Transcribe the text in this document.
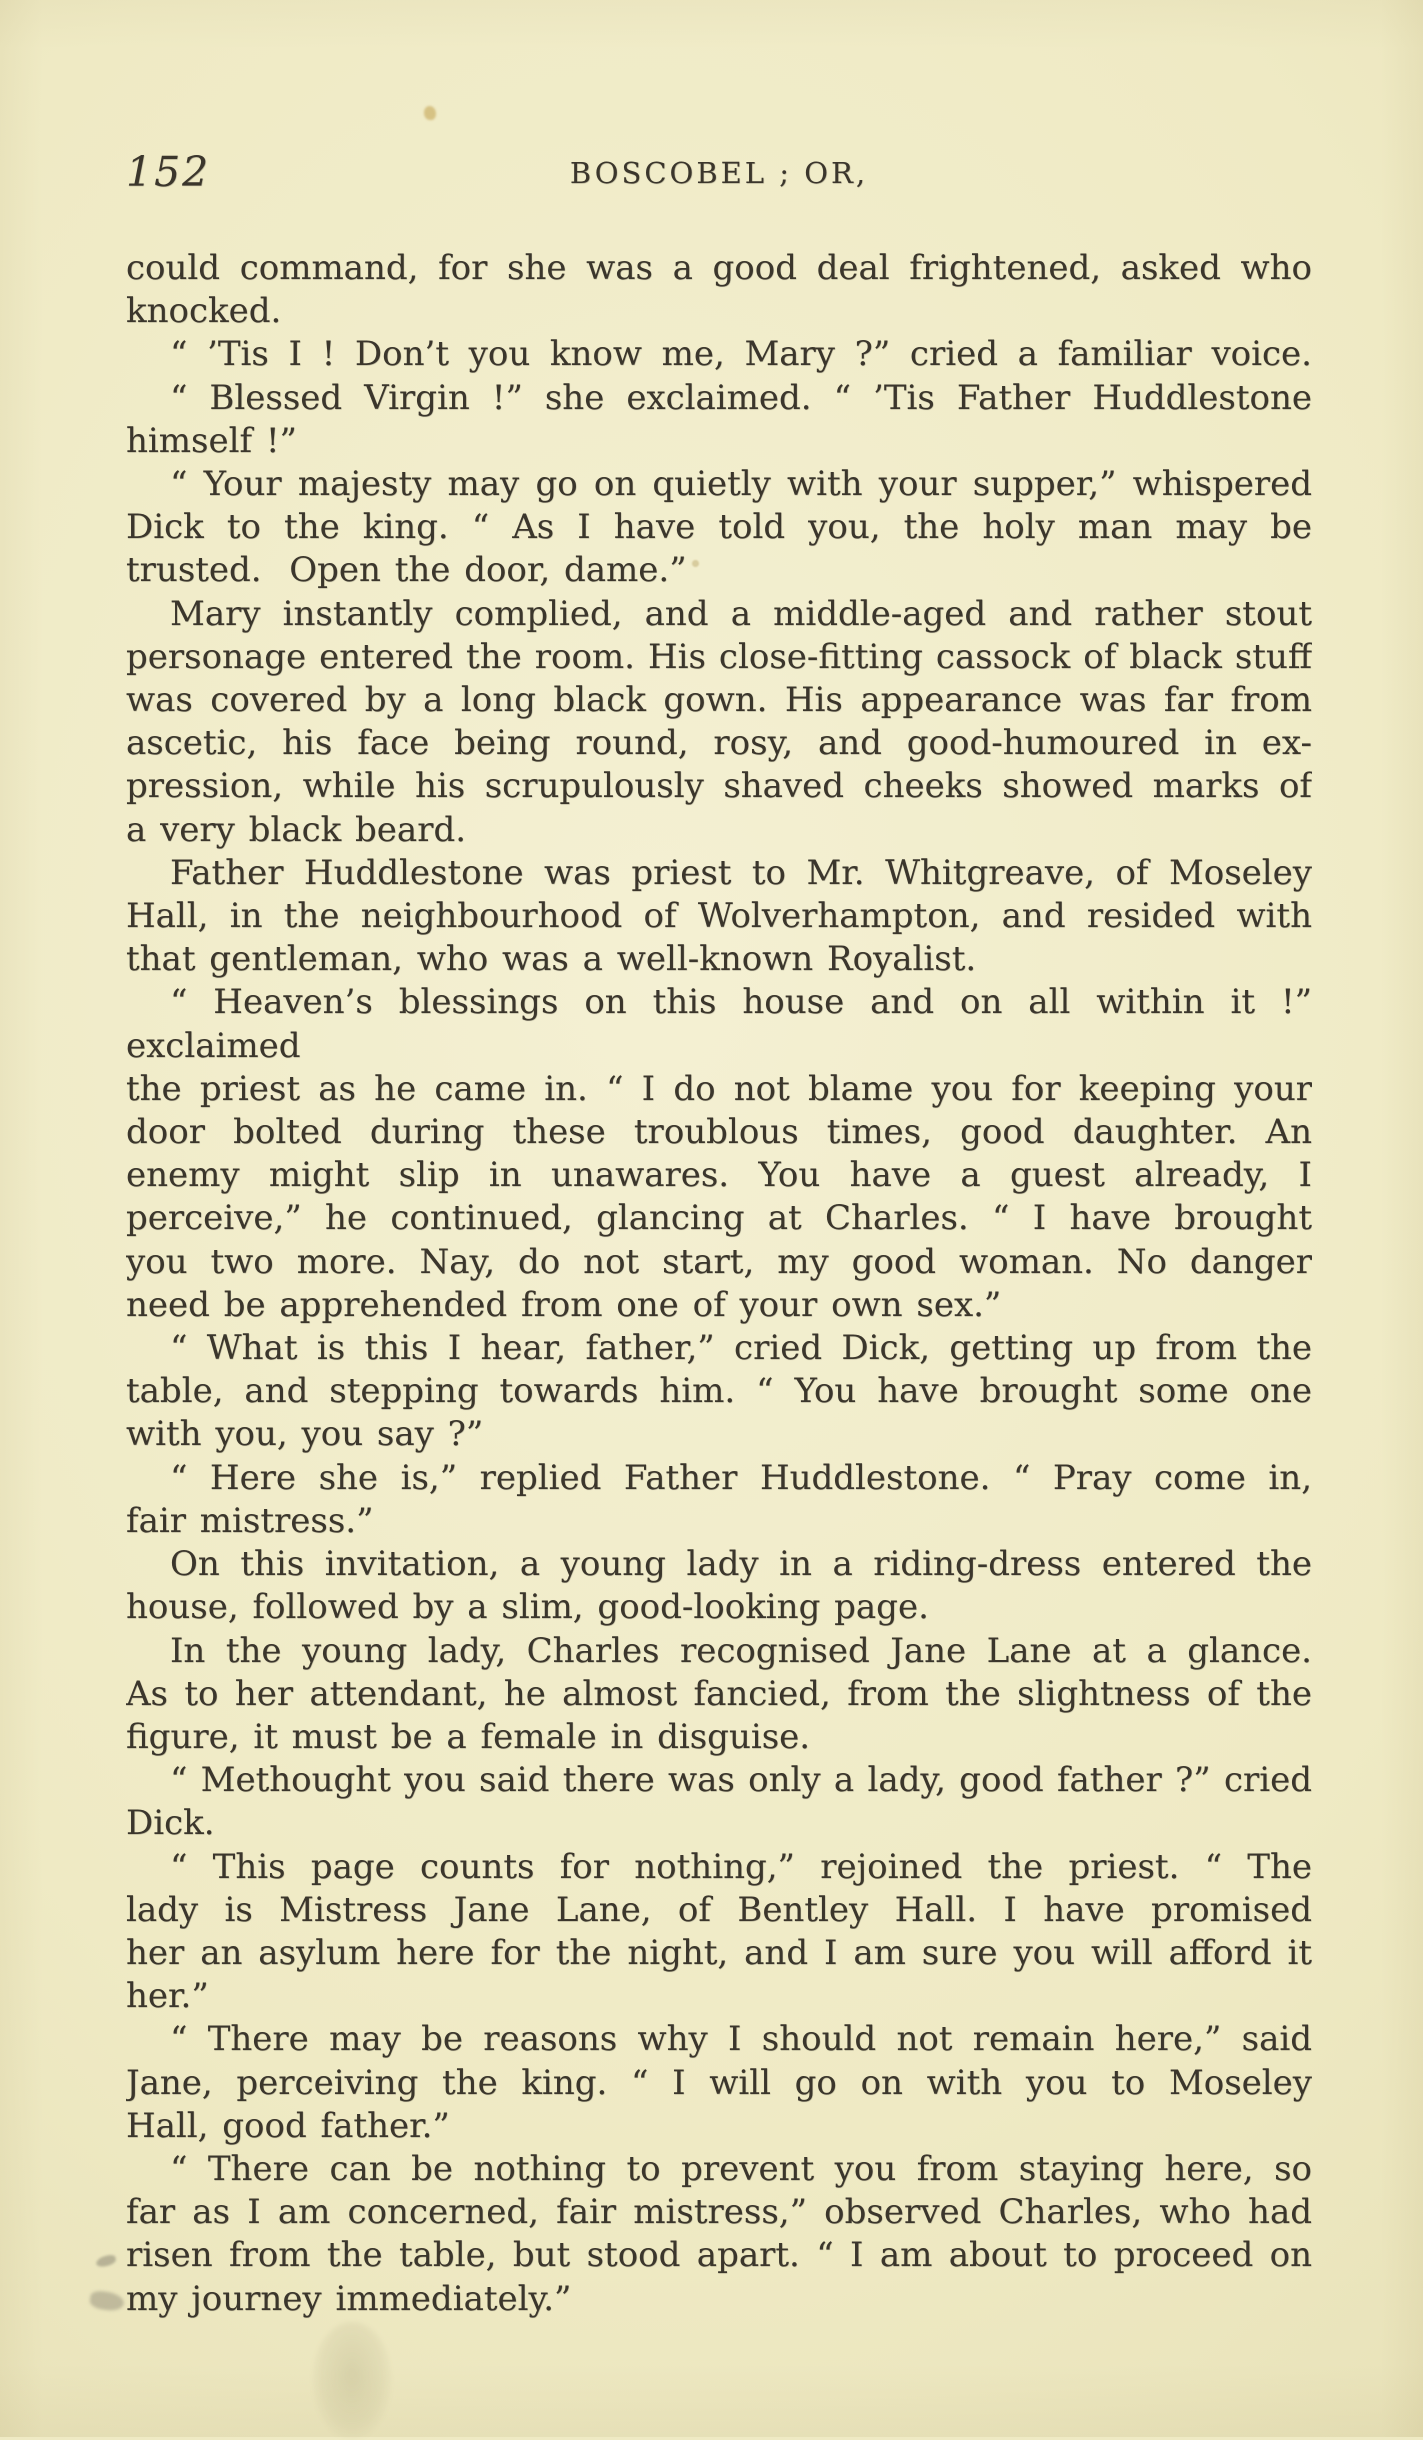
152	BOSCOBEL ; OR,
could command, for she was a good deal frightened, asked who
knocked.
“ ’Tis I ! Don’t you know me, Mary ?” cried a familiar voice.
“ Blessed Virgin !” she exclaimed. “ ’Tis Father Huddlestone
himself !”
“ Your majesty may go on quietly with your supper,” whispered
Dick to the king. “ As I have told you, the holy man may be
trusted.  Open the door, dame.”
Mary instantly complied, and a middle-aged and rather stout
personage entered the room. His close-fitting cassock of black stuff
was covered by a long black gown. His appearance was far from
ascetic, his face being round, rosy, and good-humoured in ex-
pression, while his scrupulously shaved cheeks showed marks of
a very black beard.
Father Huddlestone was priest to Mr. Whitgreave, of Moseley
Hall, in the neighbourhood of Wolverhampton, and resided with
that gentleman, who was a well-known Royalist.
“ Heaven’s blessings on this house and on all within it !” exclaimed
the priest as he came in. “ I do not blame you for keeping your
door bolted during these troublous times, good daughter. An
enemy might slip in unawares. You have a guest already, I
perceive,” he continued, glancing at Charles. “ I have brought
you two more. Nay, do not start, my good woman. No danger
need be apprehended from one of your own sex.”
“ What is this I hear, father,” cried Dick, getting up from the
table, and stepping towards him. “ You have brought some one
with you, you say ?”
“ Here she is,” replied Father Huddlestone. “ Pray come in,
fair mistress.”
On this invitation, a young lady in a riding-dress entered the
house, followed by a slim, good-looking page.
In the young lady, Charles recognised Jane Lane at a glance.
As to her attendant, he almost fancied, from the slightness of the
figure, it must be a female in disguise.
“ Methought you said there was only a lady, good father ?” cried
Dick.
“ This page counts for nothing,” rejoined the priest. “ The
lady is Mistress Jane Lane, of Bentley Hall. I have promised
her an asylum here for the night, and I am sure you will afford it
her.”
“ There may be reasons why I should not remain here,” said
Jane, perceiving the king. “ I will go on with you to Moseley
Hall, good father.”
“ There can be nothing to prevent you from staying here, so
far as I am concerned, fair mistress,” observed Charles, who had
risen from the table, but stood apart. “ I am about to proceed on
my journey immediately.”
